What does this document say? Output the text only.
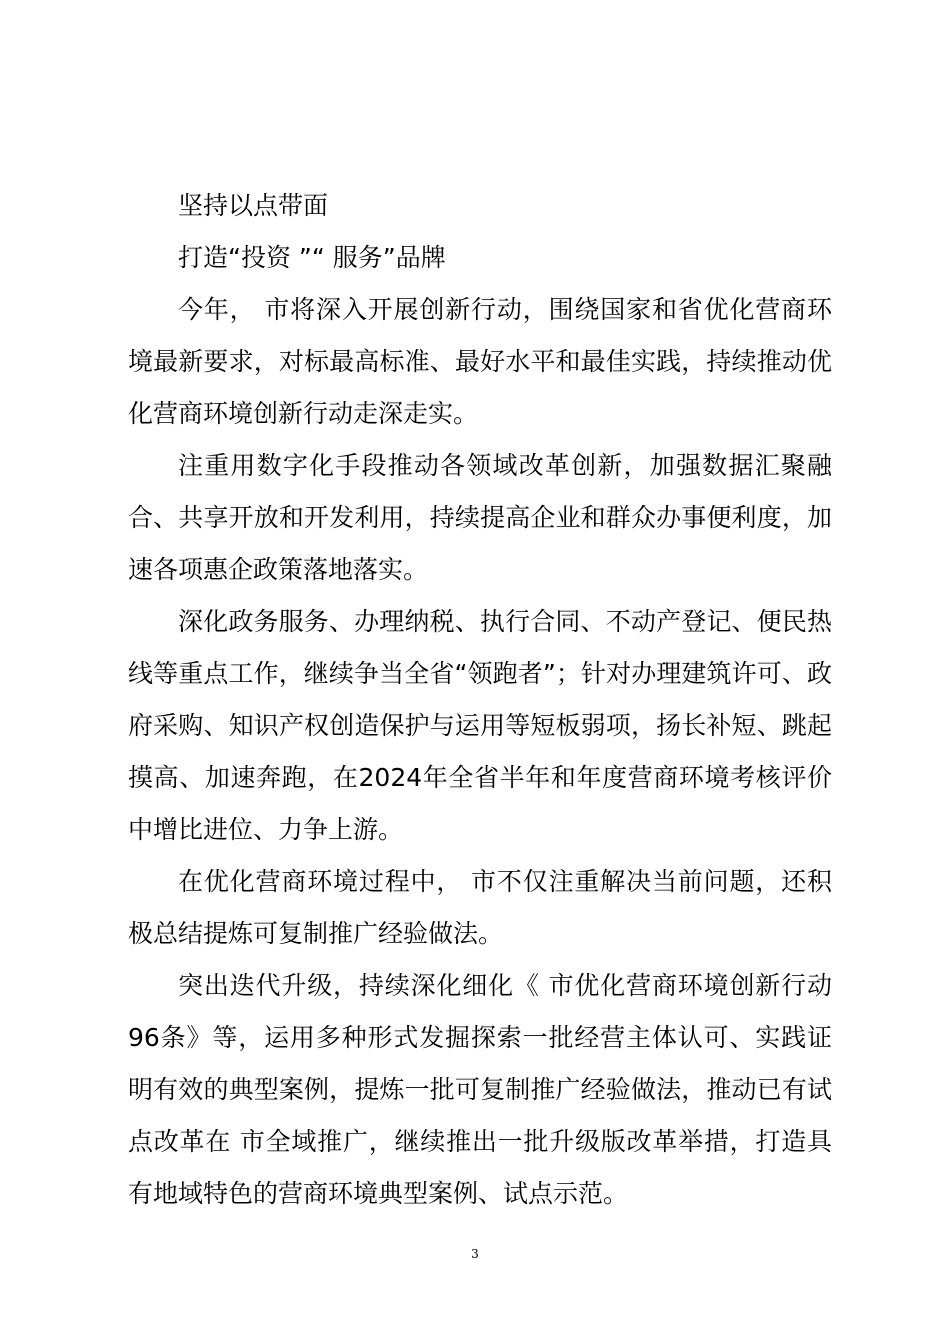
坚持以点带面

打造“投资 ”“ 服务”品牌

今年， 市将深入开展创新行动，围绕国家和省优化营商环境最新要求，对标最高标准、最好水平和最佳实践，持续推动优化营商环境创新行动走深走实。

注重用数字化手段推动各领域改革创新，加强数据汇聚融合、共享开放和开发利用，持续提高企业和群众办事便利度，加速各项惠企政策落地落实。

深化政务服务、办理纳税、执行合同、不动产登记、便民热线等重点工作，继续争当全省“领跑者”；针对办理建筑许可、政府采购、知识产权创造保护与运用等短板弱项，扬长补短、跳起摸高、加速奔跑，在2024年全省半年和年度营商环境考核评价中增比进位、力争上游。

在优化营商环境过程中， 市不仅注重解决当前问题，还积极总结提炼可复制推广经验做法。

突出迭代升级，持续深化细化《 市优化营商环境创新行动96条》等，运用多种形式发掘探索一批经营主体认可、实践证明有效的典型案例，提炼一批可复制推广经验做法，推动已有试点改革在 市全域推广，继续推出一批升级版改革举措，打造具有地域特色的营商环境典型案例、试点示范。

3
